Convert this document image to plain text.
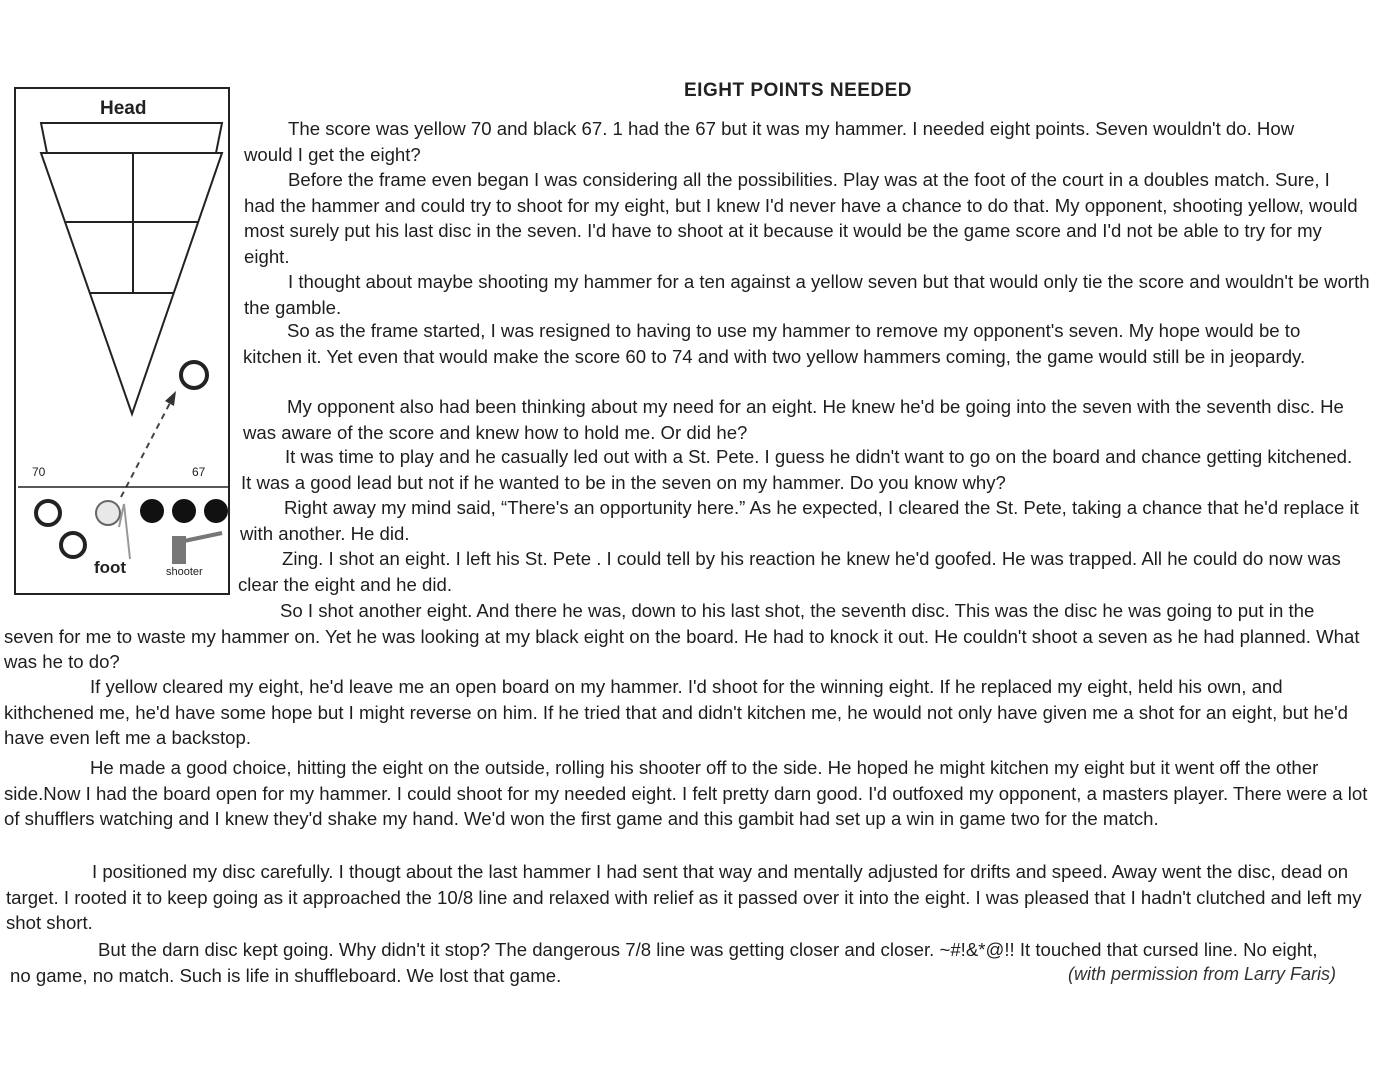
EIGHT POINTS NEEDED
Head
70	67
foot	shooter

The score was yellow 70 and black 67. 1 had the 67 but it was my hammer. I needed eight points. Seven wouldn't do. How would I get the eight?

Before the frame even began I was considering all the possibilities. Play was at the foot of the court in a doubles match. Sure, I had the hammer and could try to shoot for my eight, but I knew I'd never have a chance to do that. My opponent, shooting yellow, would most surely put his last disc in the seven. I'd have to shoot at it because it would be the game score and I'd not be able to try for my eight.

I thought about maybe shooting my hammer for a ten against a yellow seven but that would only tie the score and wouldn't be worth the gamble.

So as the frame started, I was resigned to having to use my hammer to remove my opponent's seven. My hope would be to kitchen it. Yet even that would make the score 60 to 74 and with two yellow hammers coming, the game would still be in jeopardy.

My opponent also had been thinking about my need for an eight. He knew he'd be going into the seven with the seventh disc. He was aware of the score and knew how to hold me. Or did he?

It was time to play and he casually led out with a St. Pete. I guess he didn't want to go on the board and chance getting kitchened. It was a good lead but not if he wanted to be in the seven on my hammer. Do you know why?

Right away my mind said, “There's an opportunity here.” As he expected, I cleared the St. Pete, taking a chance that he'd replace it with another. He did.

Zing. I shot an eight. I left his St. Pete . I could tell by his reaction he knew he'd goofed. He was trapped. All he could do now was clear the eight and he did.

So I shot another eight. And there he was, down to his last shot, the seventh disc. This was the disc he was going to put in the seven for me to waste my hammer on. Yet he was looking at my black eight on the board. He had to knock it out. He couldn't shoot a seven as he had planned. What was he to do?

If yellow cleared my eight, he'd leave me an open board on my hammer. I'd shoot for the winning eight. If he replaced my eight, held his own, and kithchened me, he'd have some hope but I might reverse on him. If he tried that and didn't kitchen me, he would not only have given me a shot for an eight, but he'd have even left me a backstop.

He made a good choice, hitting the eight on the outside, rolling his shooter off to the side. He hoped he might kitchen my eight but it went off the other side.Now I had the board open for my hammer. I could shoot for my needed eight. I felt pretty darn good. I'd outfoxed my opponent, a masters player. There were a lot of shufflers watching and I knew they'd shake my hand. We'd won the first game and this gambit had set up a win in game two for the match.

I positioned my disc carefully. I thougt about the last hammer I had sent that way and mentally adjusted for drifts and speed. Away went the disc, dead on target. I rooted it to keep going as it approached the 10/8 line and relaxed with relief as it passed over it into the eight. I was pleased that I hadn't clutched and left my shot short.

But the darn disc kept going. Why didn't it stop? The dangerous 7/8 line was getting closer and closer. ~#!&*@!! It touched that cursed line. No eight, no game, no match. Such is life in shuffleboard. We lost that game.	(with permission from Larry Faris)
